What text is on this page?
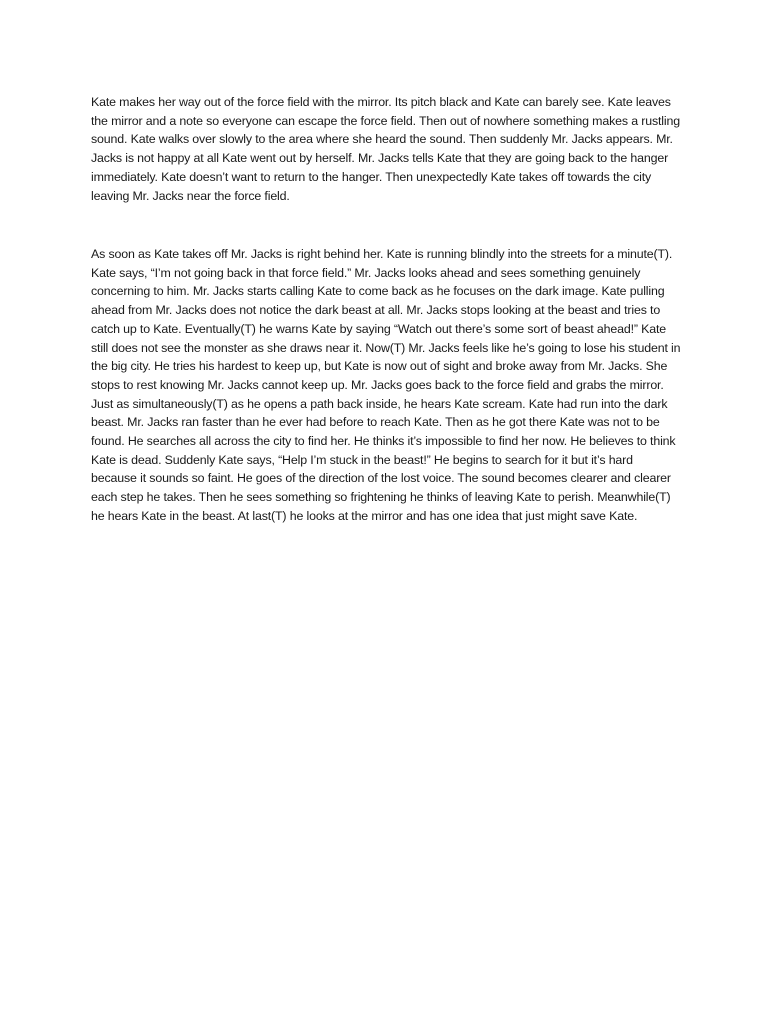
Kate makes her way out of the force field with the mirror. Its pitch black and Kate can barely see. Kate leaves the mirror and a note so everyone can escape the force field. Then out of nowhere something makes a rustling sound. Kate walks over slowly to the area where she heard the sound. Then suddenly Mr. Jacks appears. Mr. Jacks is not happy at all Kate went out by herself. Mr. Jacks tells Kate that they are going back to the hanger immediately. Kate doesn’t want to return to the hanger. Then unexpectedly Kate takes off towards the city leaving Mr. Jacks near the force field.

As soon as Kate takes off Mr. Jacks is right behind her. Kate is running blindly into the streets for a minute(T). Kate says, “I’m not going back in that force field.” Mr. Jacks looks ahead and sees something genuinely concerning to him. Mr. Jacks starts calling Kate to come back as he focuses on the dark image. Kate pulling ahead from Mr. Jacks does not notice the dark beast at all. Mr. Jacks stops looking at the beast and tries to catch up to Kate. Eventually(T) he warns Kate by saying “Watch out there’s some sort of beast ahead!” Kate still does not see the monster as she draws near it. Now(T) Mr. Jacks feels like he’s going to lose his student in the big city. He tries his hardest to keep up, but Kate is now out of sight and broke away from Mr. Jacks. She stops to rest knowing Mr. Jacks cannot keep up. Mr. Jacks goes back to the force field and grabs the mirror. Just as simultaneously(T) as he opens a path back inside, he hears Kate scream. Kate had run into the dark beast. Mr. Jacks ran faster than he ever had before to reach Kate. Then as he got there Kate was not to be found. He searches all across the city to find her. He thinks it’s impossible to find her now. He believes to think Kate is dead. Suddenly Kate says, “Help I’m stuck in the beast!” He begins to search for it but it’s hard because it sounds so faint. He goes of the direction of the lost voice. The sound becomes clearer and clearer each step he takes. Then he sees something so frightening he thinks of leaving Kate to perish. Meanwhile(T) he hears Kate in the beast. At last(T) he looks at the mirror and has one idea that just might save Kate.
